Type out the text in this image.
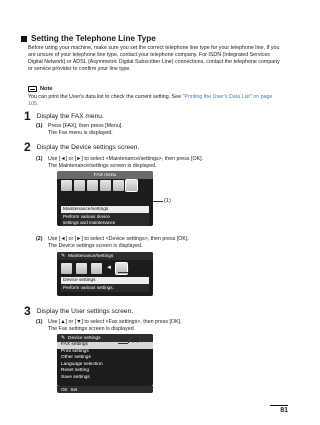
Setting the Telephone Line Type
Before using your machine, make sure you set the correct telephone line type for your telephone line. If you are unsure of your telephone line type, contact your telephone company. For ISDN (Integrated Services Digital Network) or ADSL (Asymmetric Digital Subscriber Line) connections, contact the telephone company or service provider to confirm your line type.
Note
You can print the User's data list to check the current setting. See "Printing the User's Data List" on page 105.
1 Display the FAX menu.
(1) Press [FAX], then press [Menu].
The Fax menu is displayed.
2 Display the Device settings screen.
(1) Use [◄] or [►] to select <Maintenance/settings>, then press [OK].
The Maintenance/settings screen is displayed.
FAX menu
Maintenance/settings
Perform various device
settings and maintenance
(1)
(2) Use [◄] or [►] to select <Device settings>, then press [OK].
The Device settings screen is displayed.
✎ Maintenance/settings
◄
Device settings
Perform various settings.
(2)
3 Display the User settings screen.
(1) Use [▲] or [▼] to select <Fax settings>, then press [OK].
The Fax settings screen is displayed.
✎ Device settings
FAX settings
Print settings
Other settings
Language selection
Reset setting
Save settings
OK Set
(1)
81
